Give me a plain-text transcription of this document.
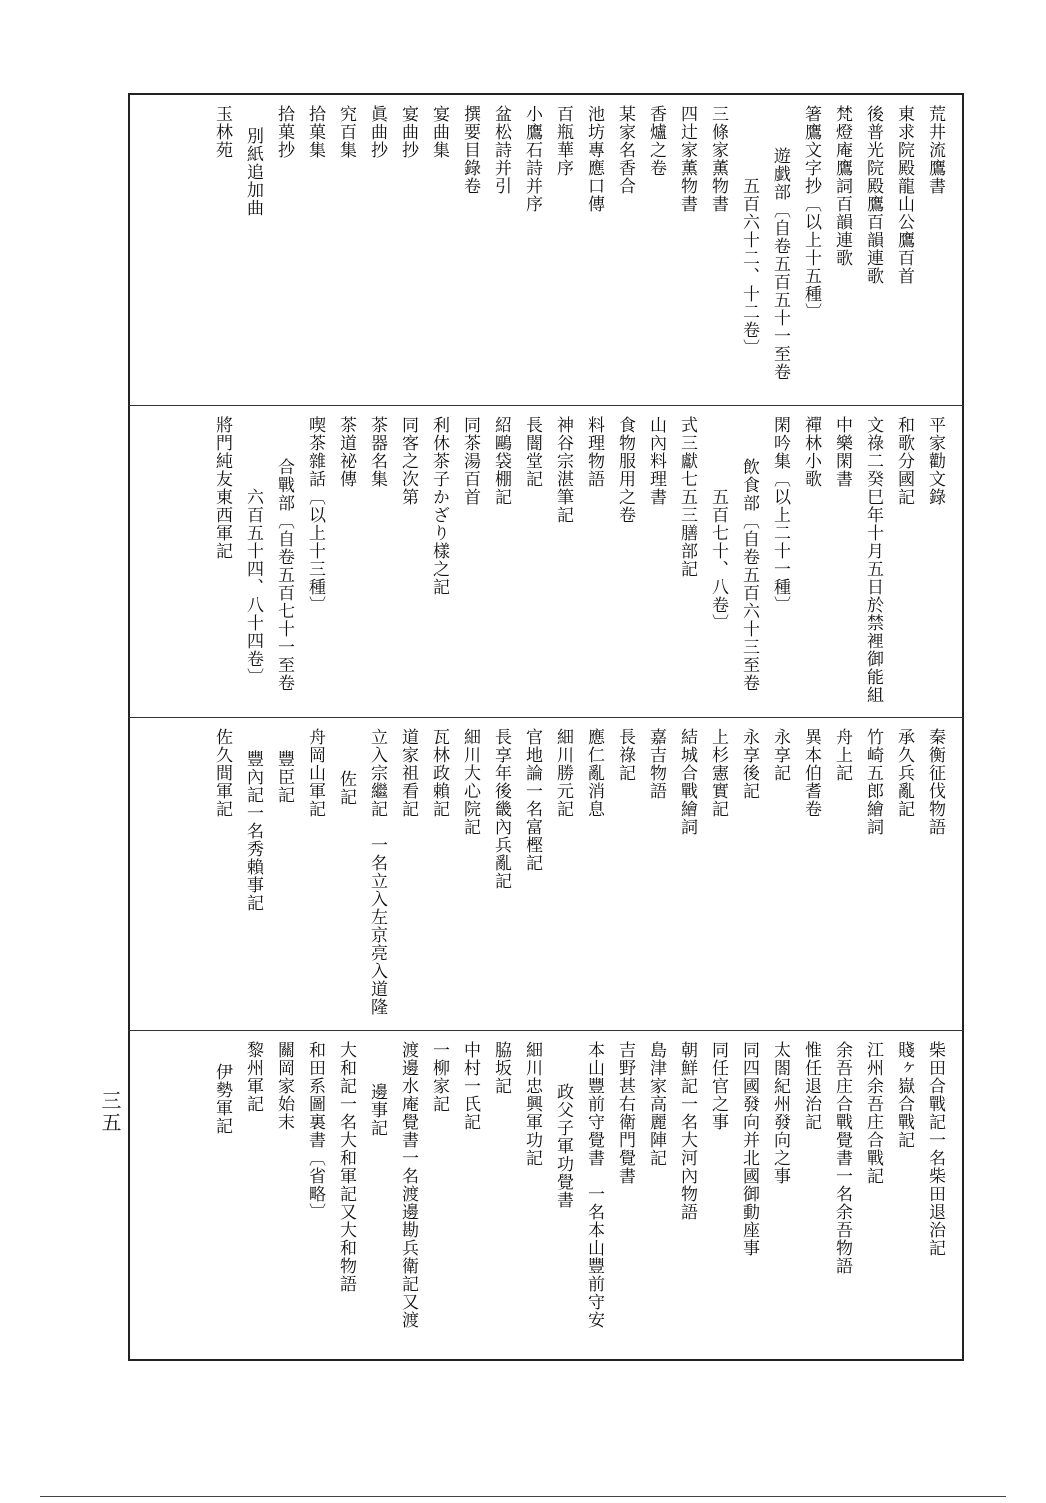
荒井流鷹書
東求院殿龍山公鷹百首
後普光院殿鷹百韻連歌
梵燈庵鷹詞百韻連歌
箸鷹文字抄〔以上十五種〕
遊戯部〔自卷五百五十一至卷
五百六十二、十二卷〕
三條家薫物書
四辻家薫物書
香爐之卷
某家名香合
池坊專應口傳
百瓶華序
小鷹石詩并序
盆松詩并引
撰要目錄卷
宴曲集
宴曲抄
眞曲抄
究百集
拾菓集
拾菓抄
別紙追加曲
玉林苑
平家勸文錄
和歌分國記
文祿二癸巳年十月五日於禁裡御能組
中樂閑書
禪林小歌
閑吟集〔以上二十一種〕
飲食部〔自卷五百六十三至卷
五百七十、八卷〕
式三獻七五三膳部記
山內料理書
食物服用之卷
料理物語
神谷宗湛筆記
長闇堂記
紹鷗袋棚記
同茶湯百首
利休茶子かざり樣之記
同客之次第
茶器名集
茶道祕傳
喫茶雜話〔以上十三種〕
合戰部〔自卷五百七十一至卷
六百五十四、八十四卷〕
將門純友東西軍記
秦衡征伐物語
承久兵亂記
竹崎五郎繪詞
舟上記
異本伯耆卷
永享記
永享後記
上杉憲實記
結城合戰繪詞
嘉吉物語
長祿記
應仁亂消息
細川勝元記
官地論一名富樫記
長享年後畿內兵亂記
細川大心院記
瓦林政賴記
道家祖看記
立入宗繼記　一名立入左京亮入道隆
佐記
舟岡山軍記
豐臣記
豐內記一名秀賴事記
佐久間軍記
柴田合戰記一名柴田退治記
賤ヶ嶽合戰記
江州余吾庄合戰記
余吾庄合戰覺書一名余吾物語
惟任退治記
太閤紀州發向之事
同四國發向并北國御動座事
同任官之事
朝鮮記一名大河內物語
島津家高麗陣記
吉野甚右衛門覺書
本山豐前守覺書　一名本山豐前守安
政父子軍功覺書
細川忠興軍功記
脇坂記
中村一氏記
一柳家記
渡邊水庵覺書一名渡邊勘兵衛記又渡
邊事記
大和記一名大和軍記又大和物語
和田系圖裏書〔省略〕
關岡家始末
黎州軍記
伊勢軍記
三五
